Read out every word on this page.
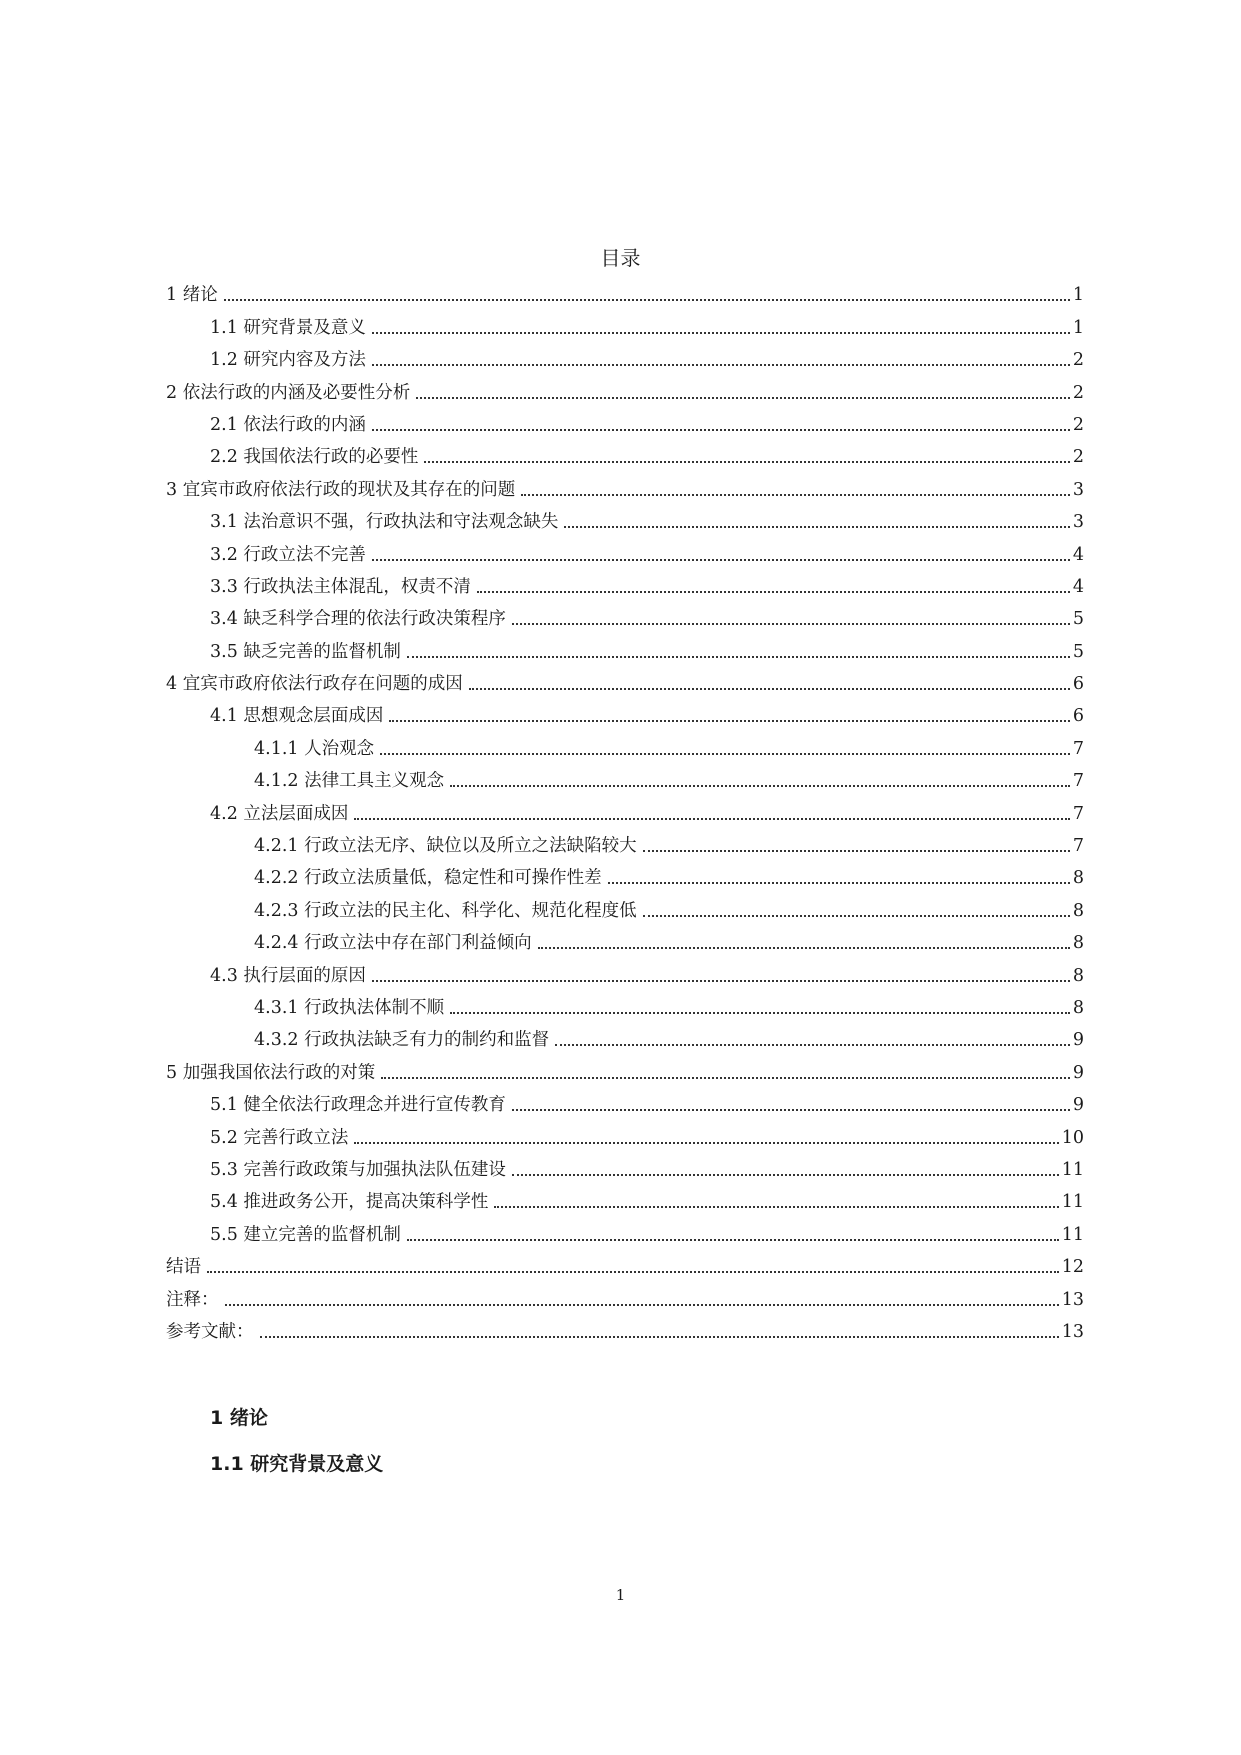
目录
1 绪论	1
1.1 研究背景及意义	1
1.2 研究内容及方法	2
2 依法行政的内涵及必要性分析	2
2.1 依法行政的内涵	2
2.2 我国依法行政的必要性	2
3 宜宾市政府依法行政的现状及其存在的问题	3
3.1 法治意识不强，行政执法和守法观念缺失	3
3.2 行政立法不完善	4
3.3 行政执法主体混乱，权责不清	4
3.4 缺乏科学合理的依法行政决策程序	5
3.5 缺乏完善的监督机制	5
4 宜宾市政府依法行政存在问题的成因	6
4.1 思想观念层面成因	6
4.1.1 人治观念	7
4.1.2 法律工具主义观念	7
4.2 立法层面成因	7
4.2.1 行政立法无序、缺位以及所立之法缺陷较大	7
4.2.2 行政立法质量低，稳定性和可操作性差	8
4.2.3 行政立法的民主化、科学化、规范化程度低	8
4.2.4 行政立法中存在部门利益倾向	8
4.3 执行层面的原因	8
4.3.1 行政执法体制不顺	8
4.3.2 行政执法缺乏有力的制约和监督	9
5 加强我国依法行政的对策	9
5.1 健全依法行政理念并进行宣传教育	9
5.2 完善行政立法	10
5.3 完善行政政策与加强执法队伍建设	11
5.4 推进政务公开，提高决策科学性	11
5.5 建立完善的监督机制	11
结语	12
注释：	13
参考文献：	13
1 绪论
1.1 研究背景及意义
1
